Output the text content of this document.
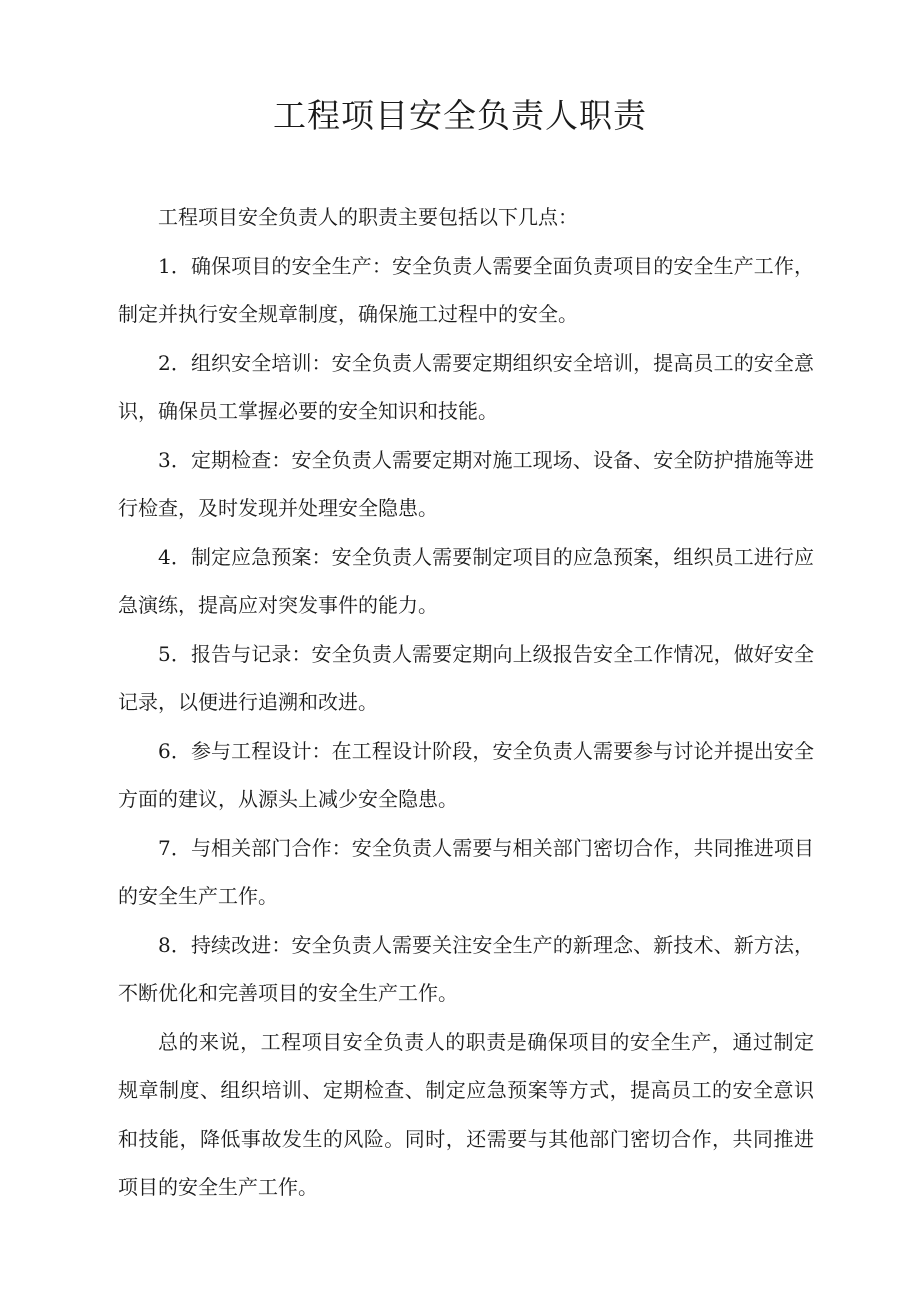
工程项目安全负责人职责

工程项目安全负责人的职责主要包括以下几点：

1．确保项目的安全生产：安全负责人需要全面负责项目的安全生产工作，制定并执行安全规章制度，确保施工过程中的安全。

2．组织安全培训：安全负责人需要定期组织安全培训，提高员工的安全意识，确保员工掌握必要的安全知识和技能。

3．定期检查：安全负责人需要定期对施工现场、设备、安全防护措施等进行检查，及时发现并处理安全隐患。

4．制定应急预案：安全负责人需要制定项目的应急预案，组织员工进行应急演练，提高应对突发事件的能力。

5．报告与记录：安全负责人需要定期向上级报告安全工作情况，做好安全记录，以便进行追溯和改进。

6．参与工程设计：在工程设计阶段，安全负责人需要参与讨论并提出安全方面的建议，从源头上减少安全隐患。

7．与相关部门合作：安全负责人需要与相关部门密切合作，共同推进项目的安全生产工作。

8．持续改进：安全负责人需要关注安全生产的新理念、新技术、新方法，不断优化和完善项目的安全生产工作。

总的来说，工程项目安全负责人的职责是确保项目的安全生产，通过制定规章制度、组织培训、定期检查、制定应急预案等方式，提高员工的安全意识和技能，降低事故发生的风险。同时，还需要与其他部门密切合作，共同推进项目的安全生产工作。
